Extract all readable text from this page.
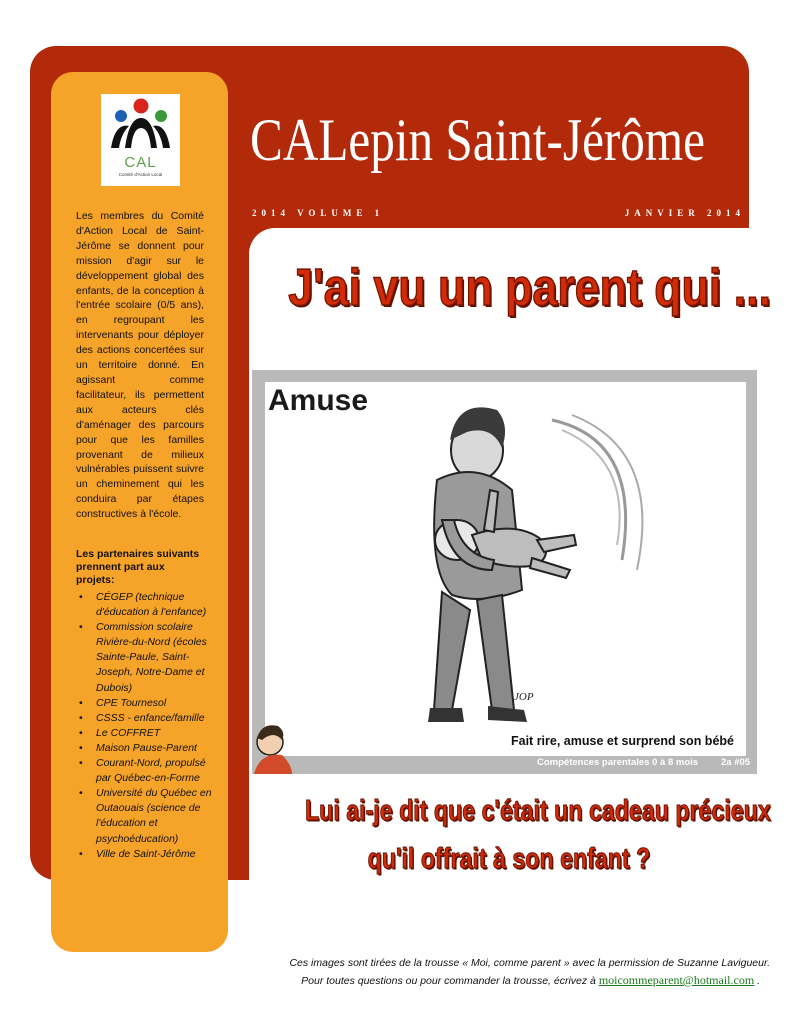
CAL
Comité d'Action Local
CALepin Saint-Jérôme
2014 VOLUME 1	JANVIER 2014

Les membres du Comité d'Action Local de Saint-Jérôme se donnent pour mission d'agir sur le développement global des enfants, de la conception à l'entrée scolaire (0/5 ans), en regroupant les intervenants pour déployer des actions concertées sur un territoire donné. En agissant comme facilitateur, ils permettent aux acteurs clés d'aménager des parcours pour que les familles provenant de milieux vulnérables puissent suivre un cheminement qui les conduira par étapes constructives à l'école.

Les partenaires suivants prennent part aux projets:

• CÉGEP (technique d'éducation à l'enfance)
• Commission scolaire Rivière-du-Nord (écoles Sainte-Paule, Saint-Joseph, Notre-Dame et Dubois)
• CPE Tournesol
• CSSS - enfance/famille
• Le COFFRET
• Maison Pause-Parent
• Courant-Nord, propulsé par Québec-en-Forme
• Université du Québec en Outaouais (science de l'éducation et psychoéducation)
• Ville de Saint-Jérôme
J'ai vu un parent qui ...
JOP
Amuse
Fait rire, amuse et surprend son bébé
Compétences parentales 0 à 8 mois 2a #05
Lui ai-je dit que c'était un cadeau précieux
qu'il offrait à son enfant ?

Ces images sont tirées de la trousse « Moi, comme parent » avec la permission de Suzanne Lavigueur.

Pour toutes questions ou pour commander la trousse, écrivez à moicommeparent@hotmail.com .
